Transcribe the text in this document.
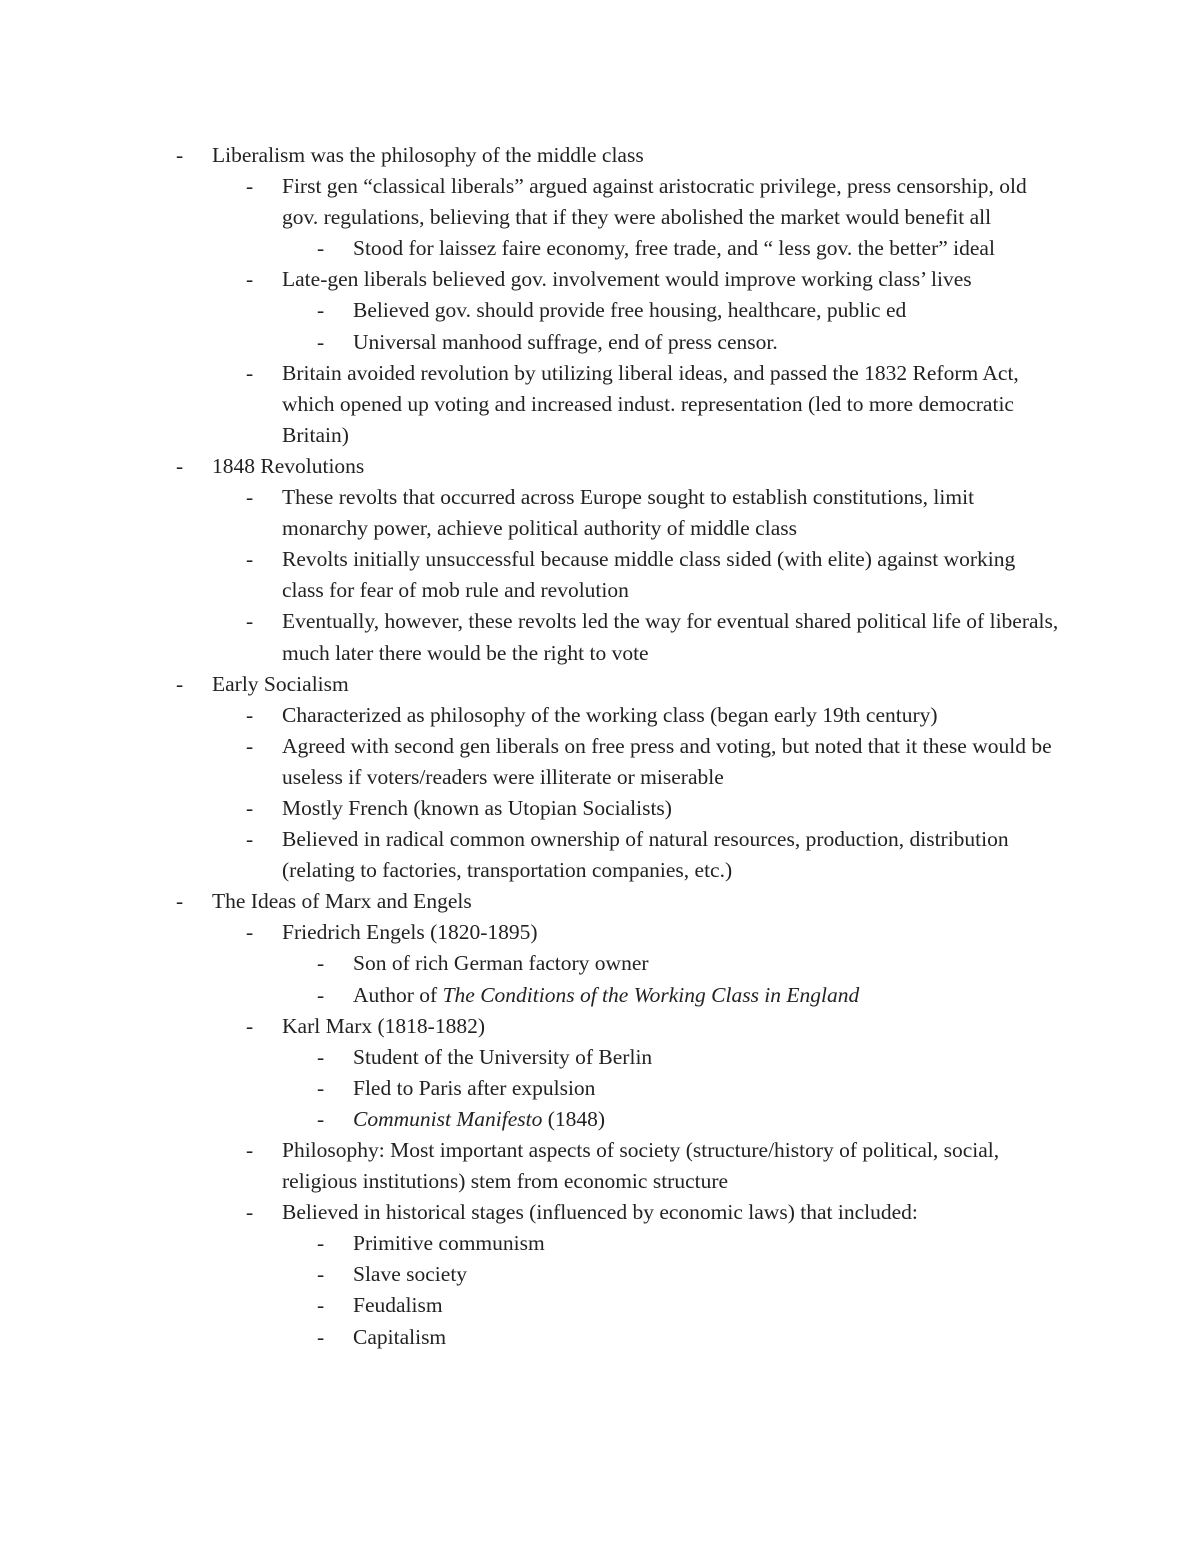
-	Liberalism was the philosophy of the middle class
-	First gen “classical liberals” argued against aristocratic privilege, press censorship, old gov. regulations, believing that if they were abolished the market would benefit all
-	Stood for laissez faire economy, free trade, and “ less gov. the better” ideal
-	Late-gen liberals believed gov. involvement would improve working class’ lives
-	Believed gov. should provide free housing, healthcare, public ed
-	Universal manhood suffrage, end of press censor.
-	Britain avoided revolution by utilizing liberal ideas, and passed the 1832 Reform Act, which opened up voting and increased indust. representation (led to more democratic Britain)
-	1848 Revolutions
-	These revolts that occurred across Europe sought to establish constitutions, limit monarchy power, achieve political authority of middle class
-	Revolts initially unsuccessful because middle class sided (with elite) against working class for fear of mob rule and revolution
-	Eventually, however, these revolts led the way for eventual shared political life of liberals, much later there would be the right to vote
-	Early Socialism
-	Characterized as philosophy of the working class (began early 19th century)
-	Agreed with second gen liberals on free press and voting, but noted that it these would be useless if voters/readers were illiterate or miserable
-	Mostly French (known as Utopian Socialists)
-	Believed in radical common ownership of natural resources, production, distribution (relating to factories, transportation companies, etc.)
-	The Ideas of Marx and Engels
-	Friedrich Engels (1820-1895)
-	Son of rich German factory owner
-	Author of The Conditions of the Working Class in England
-	Karl Marx (1818-1882)
-	Student of the University of Berlin
-	Fled to Paris after expulsion
-	Communist Manifesto (1848)
-	Philosophy: Most important aspects of society (structure/history of political, social, religious institutions) stem from economic structure
-	Believed in historical stages (influenced by economic laws) that included:
-	Primitive communism
-	Slave society
-	Feudalism
-	Capitalism
